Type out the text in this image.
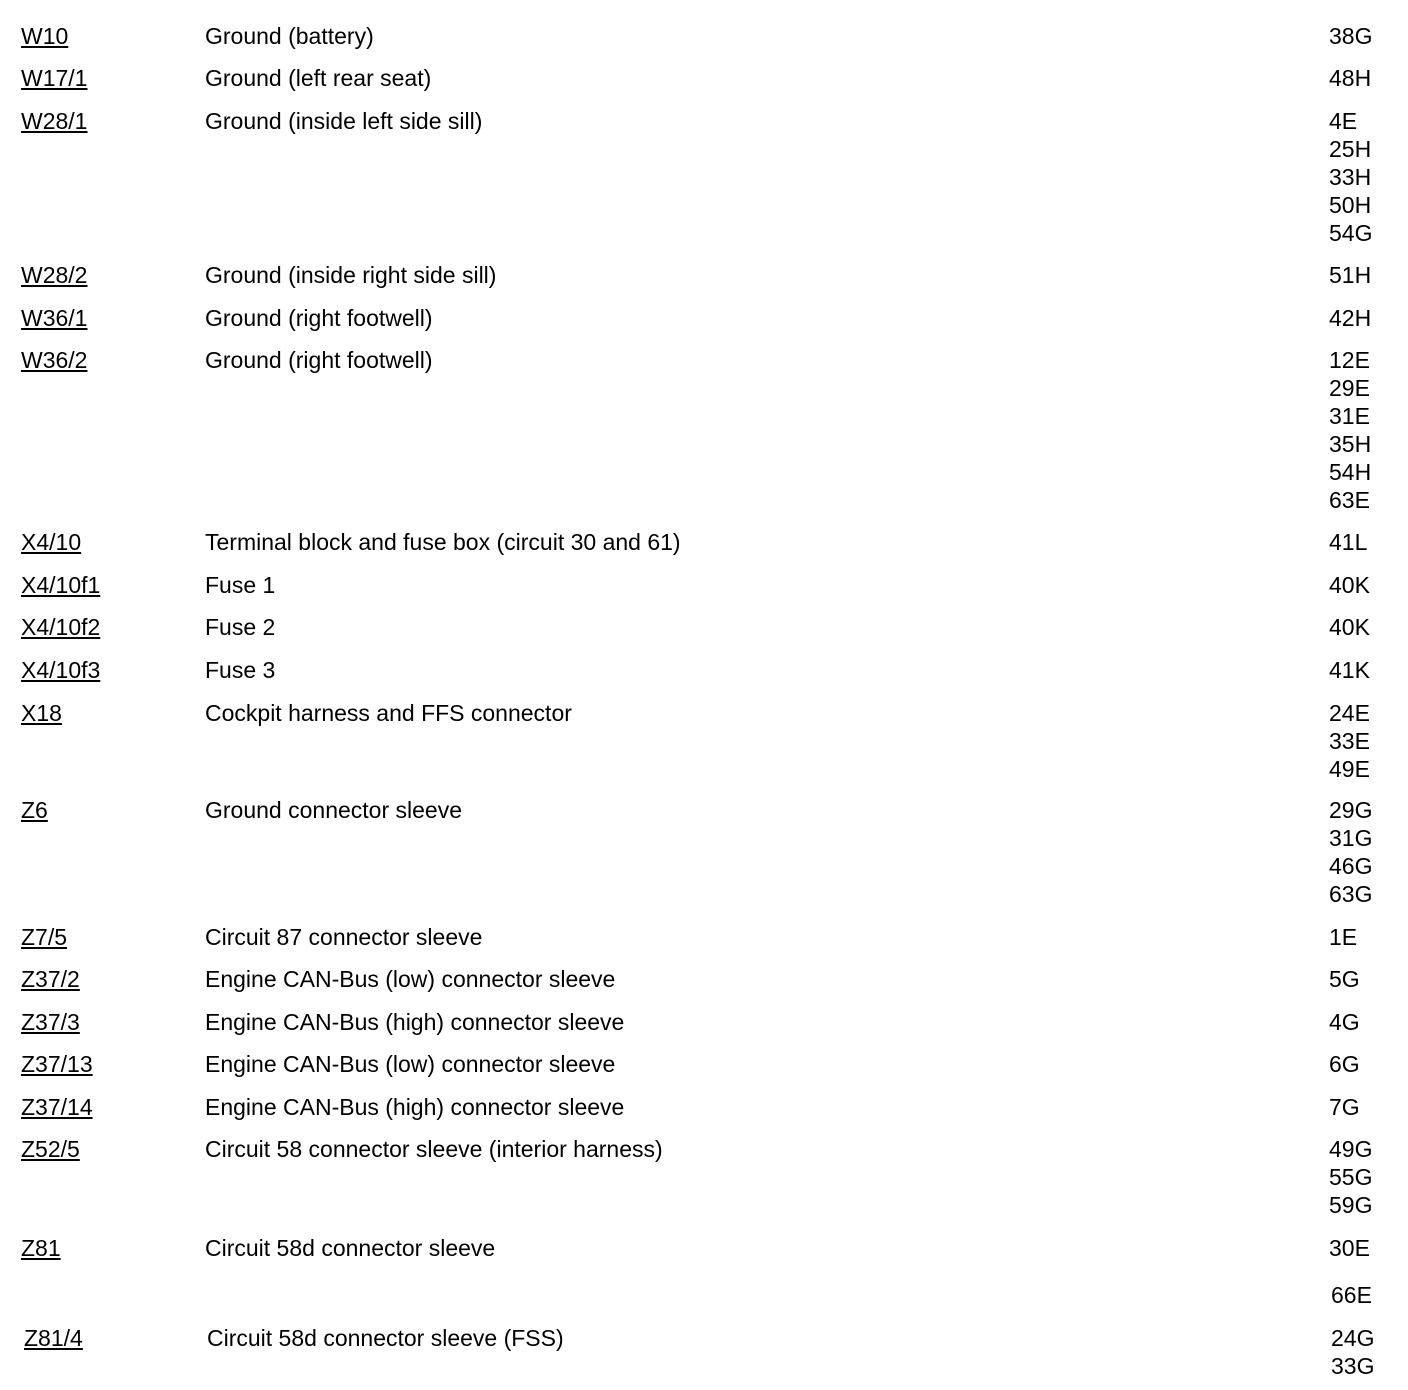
W10	Ground (battery)	38G
W17/1	Ground (left rear seat)	48H
W28/1	Ground (inside left side sill)	4E
25H
33H
50H
54G
W28/2	Ground (inside right side sill)	51H
W36/1	Ground (right footwell)	42H
W36/2	Ground (right footwell)	12E
29E
31E
35H
54H
63E
X4/10	Terminal block and fuse box (circuit 30 and 61)	41L
X4/10f1	Fuse 1	40K
X4/10f2	Fuse 2	40K
X4/10f3	Fuse 3	41K
X18	Cockpit harness and FFS connector	24E
33E
49E
Z6	Ground connector sleeve	29G
31G
46G
63G
Z7/5	Circuit 87 connector sleeve	1E
Z37/2	Engine CAN-Bus (low) connector sleeve	5G
Z37/3	Engine CAN-Bus (high) connector sleeve	4G
Z37/13	Engine CAN-Bus (low) connector sleeve	6G
Z37/14	Engine CAN-Bus (high) connector sleeve	7G
Z52/5	Circuit 58 connector sleeve (interior harness)	49G
55G
59G
Z81	Circuit 58d connector sleeve	30E
66E
Z81/4	Circuit 58d connector sleeve (FSS)	24G
33G
